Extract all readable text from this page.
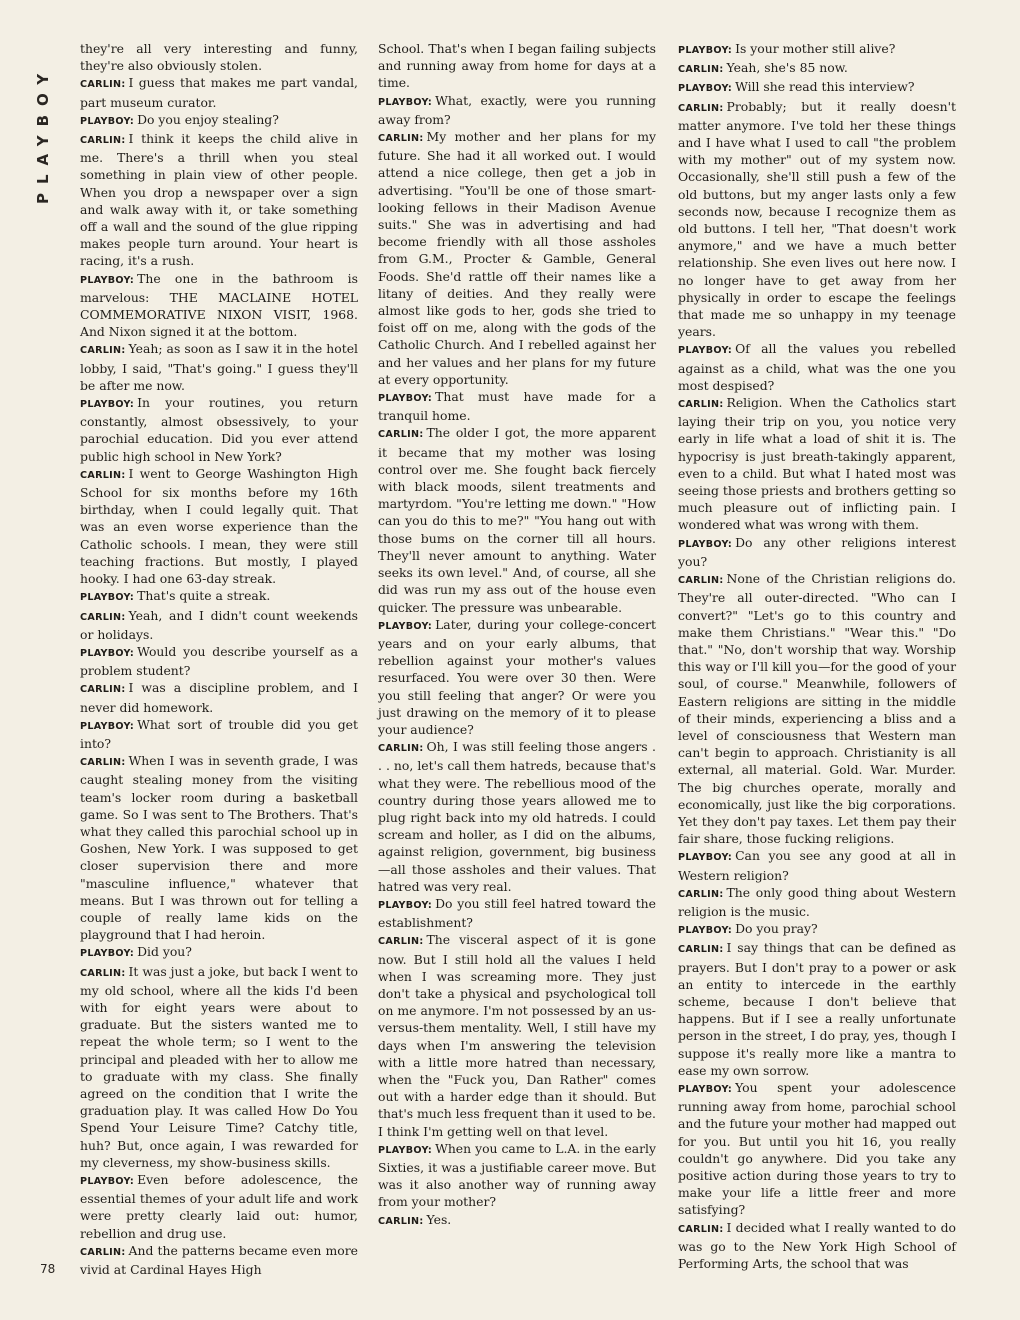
PLAYBOY

they're all very interesting and funny, they're also obviously stolen.

CARLIN: I guess that makes me part vandal, part museum curator.

PLAYBOY: Do you enjoy stealing?

CARLIN: I think it keeps the child alive in me. There's a thrill when you steal something in plain view of other people. When you drop a newspaper over a sign and walk away with it, or take something off a wall and the sound of the glue ripping makes people turn around. Your heart is racing, it's a rush.

PLAYBOY: The one in the bathroom is marvelous: THE MACLAINE HOTEL COMMEMORATIVE NIXON VISIT, 1968. And Nixon signed it at the bottom.

CARLIN: Yeah; as soon as I saw it in the hotel lobby, I said, "That's going." I guess they'll be after me now.

PLAYBOY: In your routines, you return constantly, almost obsessively, to your parochial education. Did you ever attend public high school in New York?

CARLIN: I went to George Washington High School for six months before my 16th birthday, when I could legally quit. That was an even worse experience than the Catholic schools. I mean, they were still teaching fractions. But mostly, I played hooky. I had one 63-day streak.

PLAYBOY: That's quite a streak.

CARLIN: Yeah, and I didn't count weekends or holidays.

PLAYBOY: Would you describe yourself as a problem student?

CARLIN: I was a discipline problem, and I never did homework.

PLAYBOY: What sort of trouble did you get into?

CARLIN: When I was in seventh grade, I was caught stealing money from the visiting team's locker room during a basketball game. So I was sent to The Brothers. That's what they called this parochial school up in Goshen, New York. I was supposed to get closer supervision there and more "masculine influence," whatever that means. But I was thrown out for telling a couple of really lame kids on the playground that I had heroin.

PLAYBOY: Did you?

CARLIN: It was just a joke, but back I went to my old school, where all the kids I'd been with for eight years were about to graduate. But the sisters wanted me to repeat the whole term; so I went to the principal and pleaded with her to allow me to graduate with my class. She finally agreed on the condition that I write the graduation play. It was called How Do You Spend Your Leisure Time? Catchy title, huh? But, once again, I was rewarded for my cleverness, my show-business skills.

PLAYBOY: Even before adolescence, the essential themes of your adult life and work were pretty clearly laid out: humor, rebellion and drug use.

CARLIN: And the patterns became even more vivid at Cardinal Hayes High

School. That's when I began failing subjects and running away from home for days at a time.

PLAYBOY: What, exactly, were you running away from?

CARLIN: My mother and her plans for my future. She had it all worked out. I would attend a nice college, then get a job in advertising. "You'll be one of those smart-looking fellows in their Madison Avenue suits." She was in advertising and had become friendly with all those assholes from G.M., Procter & Gamble, General Foods. She'd rattle off their names like a litany of deities. And they really were almost like gods to her, gods she tried to foist off on me, along with the gods of the Catholic Church. And I rebelled against her and her values and her plans for my future at every opportunity.

PLAYBOY: That must have made for a tranquil home.

CARLIN: The older I got, the more apparent it became that my mother was losing control over me. She fought back fiercely with black moods, silent treatments and martyrdom. "You're letting me down." "How can you do this to me?" "You hang out with those bums on the corner till all hours. They'll never amount to anything. Water seeks its own level." And, of course, all she did was run my ass out of the house even quicker. The pressure was unbearable.

PLAYBOY: Later, during your college-concert years and on your early albums, that rebellion against your mother's values resurfaced. You were over 30 then. Were you still feeling that anger? Or were you just drawing on the memory of it to please your audience?

CARLIN: Oh, I was still feeling those angers . . . no, let's call them hatreds, because that's what they were. The rebellious mood of the country during those years allowed me to plug right back into my old hatreds. I could scream and holler, as I did on the albums, against religion, government, big business—all those assholes and their values. That hatred was very real.

PLAYBOY: Do you still feel hatred toward the establishment?

CARLIN: The visceral aspect of it is gone now. But I still hold all the values I held when I was screaming more. They just don't take a physical and psychological toll on me anymore. I'm not possessed by an us-versus-them mentality. Well, I still have my days when I'm answering the television with a little more hatred than necessary, when the "Fuck you, Dan Rather" comes out with a harder edge than it should. But that's much less frequent than it used to be. I think I'm getting well on that level.

PLAYBOY: When you came to L.A. in the early Sixties, it was a justifiable career move. But was it also another way of running away from your mother?

CARLIN: Yes.

PLAYBOY: Is your mother still alive?

CARLIN: Yeah, she's 85 now.

PLAYBOY: Will she read this interview?

CARLIN: Probably; but it really doesn't matter anymore. I've told her these things and I have what I used to call "the problem with my mother" out of my system now. Occasionally, she'll still push a few of the old buttons, but my anger lasts only a few seconds now, because I recognize them as old buttons. I tell her, "That doesn't work anymore," and we have a much better relationship. She even lives out here now. I no longer have to get away from her physically in order to escape the feelings that made me so unhappy in my teenage years.

PLAYBOY: Of all the values you rebelled against as a child, what was the one you most despised?

CARLIN: Religion. When the Catholics start laying their trip on you, you notice very early in life what a load of shit it is. The hypocrisy is just breath-takingly apparent, even to a child. But what I hated most was seeing those priests and brothers getting so much pleasure out of inflicting pain. I wondered what was wrong with them.

PLAYBOY: Do any other religions interest you?

CARLIN: None of the Christian religions do. They're all outer-directed. "Who can I convert?" "Let's go to this country and make them Christians." "Wear this." "Do that." "No, don't worship that way. Worship this way or I'll kill you—for the good of your soul, of course." Meanwhile, followers of Eastern religions are sitting in the middle of their minds, experiencing a bliss and a level of consciousness that Western man can't begin to approach. Christianity is all external, all material. Gold. War. Murder. The big churches operate, morally and economically, just like the big corporations. Yet they don't pay taxes. Let them pay their fair share, those fucking religions.

PLAYBOY: Can you see any good at all in Western religion?

CARLIN: The only good thing about Western religion is the music.

PLAYBOY: Do you pray?

CARLIN: I say things that can be defined as prayers. But I don't pray to a power or ask an entity to intercede in the earthly scheme, because I don't believe that happens. But if I see a really unfortunate person in the street, I do pray, yes, though I suppose it's really more like a mantra to ease my own sorrow.

PLAYBOY: You spent your adolescence running away from home, parochial school and the future your mother had mapped out for you. But until you hit 16, you really couldn't go anywhere. Did you take any positive action during those years to try to make your life a little freer and more satisfying?

CARLIN: I decided what I really wanted to do was go to the New York High School of Performing Arts, the school that was

78
